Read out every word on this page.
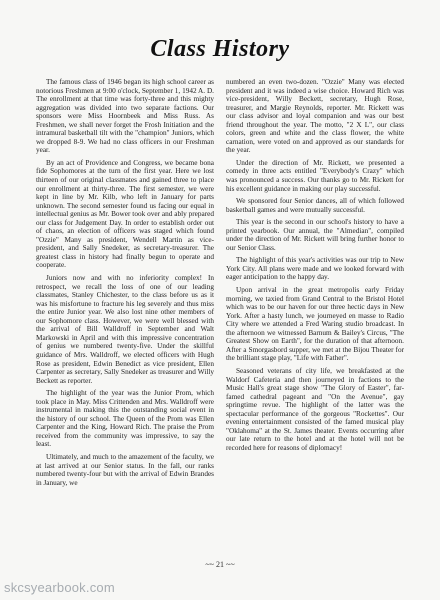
Class History

The famous class of 1946 began its high school career as notorious Freshmen at 9:00 o'clock, September 1, 1942 A. D. The enrollment at that time was forty-three and this mighty aggregation was divided into two separate factions. Our sponsors were Miss Hoornbeek and Miss Russ. As Freshmen, we shall never forget the Frosh Initiation and the intramural basketball tilt with the "champion" Juniors, which we dropped 8-9. We had no class officers in our Freshman year.

By an act of Providence and Congress, we became bona fide Sophomores at the turn of the first year. Here we lost thirteen of our original classmates and gained three to place our enrollment at thirty-three. The first semester, we were kept in line by Mr. Kilb, who left in January for parts unknown. The second semester found us facing our equal in intellectual genius as Mr. Bower took over and ably prepared our class for Judgement Day. In order to establish order out of chaos, an election of officers was staged which found "Ozzie" Many as president, Wendell Martin as vice-president, and Sally Snedeker, as secretary-treasurer. The greatest class in history had finally begun to operate and cooperate.

Juniors now and with no inferiority complex! In retrospect, we recall the loss of one of our leading classmates, Stanley Chichester, to the class before us as it was his misfortune to fracture his leg severely and thus miss the entire Junior year. We also lost nine other members of our Sophomore class. However, we were well blessed with the arrival of Bill Walldroff in September and Walt Markowski in April and with this impressive concentration of genius we numbered twenty-five. Under the skillful guidance of Mrs. Walldroff, we elected officers with Hugh Rose as president, Edwin Benedict as vice president, Ellen Carpenter as secretary, Sally Snedeker as treasurer and Willy Beckett as reporter.

The highlight of the year was the Junior Prom, which took place in May. Miss Crittenden and Mrs. Walldroff were instrumental in making this the outstanding social event in the history of our school. The Queen of the Prom was Ellen Carpenter and the King, Howard Rich. The praise the Prom received from the community was impressive, to say the least.

Ultimately, and much to the amazement of the faculty, we at last arrived at our Senior status. In the fall, our ranks numbered twenty-four but with the arrival of Edwin Brandes in January, we

numbered an even two-dozen. "Ozzie" Many was elected president and it was indeed a wise choice. Howard Rich was vice-president, Willy Beckett, secretary, Hugh Rose, treasurer, and Margie Reynolds, reporter. Mr. Rickett was our class advisor and loyal companion and was our best friend throughout the year. The motto, "2 X L", our class colors, green and white and the class flower, the white carnation, were voted on and approved as our standards for the year.

Under the direction of Mr. Rickett, we presented a comedy in three acts entitled "Everybody's Crazy" which was pronounced a success. Our thanks go to Mr. Rickett for his excellent guidance in making our play successful.

We sponsored four Senior dances, all of which followed basketball games and were mutually successful.

This year is the second in our school's history to have a printed yearbook. Our annual, the "Almedian", compiled under the direction of Mr. Rickett will bring further honor to our Senior Class.

The highlight of this year's activities was our trip to New York City. All plans were made and we looked forward with eager anticipation to the happy day.

Upon arrival in the great metropolis early Friday morning, we taxied from Grand Central to the Bristol Hotel which was to be our haven for our three hectic days in New York. After a hasty lunch, we journeyed en masse to Radio City where we attended a Fred Waring studio broadcast. In the afternoon we witnessed Barnum & Bailey's Circus, "The Greatest Show on Earth", for the duration of that afternoon. After a Smorgasbord supper, we met at the Bijou Theater for the brilliant stage play, "Life with Father".

Seasoned veterans of city life, we breakfasted at the Waldorf Cafeteria and then journeyed in factions to the Music Hall's great stage show "The Glory of Easter", far-famed cathedral pageant and "On the Avenue", gay springtime revue. The highlight of the latter was the spectacular performance of the gorgeous "Rockettes". Our evening entertainment consisted of the famed musical play "Oklahoma" at the St. James theater. Events occurring after our late return to the hotel and at the hotel will not be recorded here for reasons of diplomacy!

~~ 21 ~~
skcsyearbook.com
